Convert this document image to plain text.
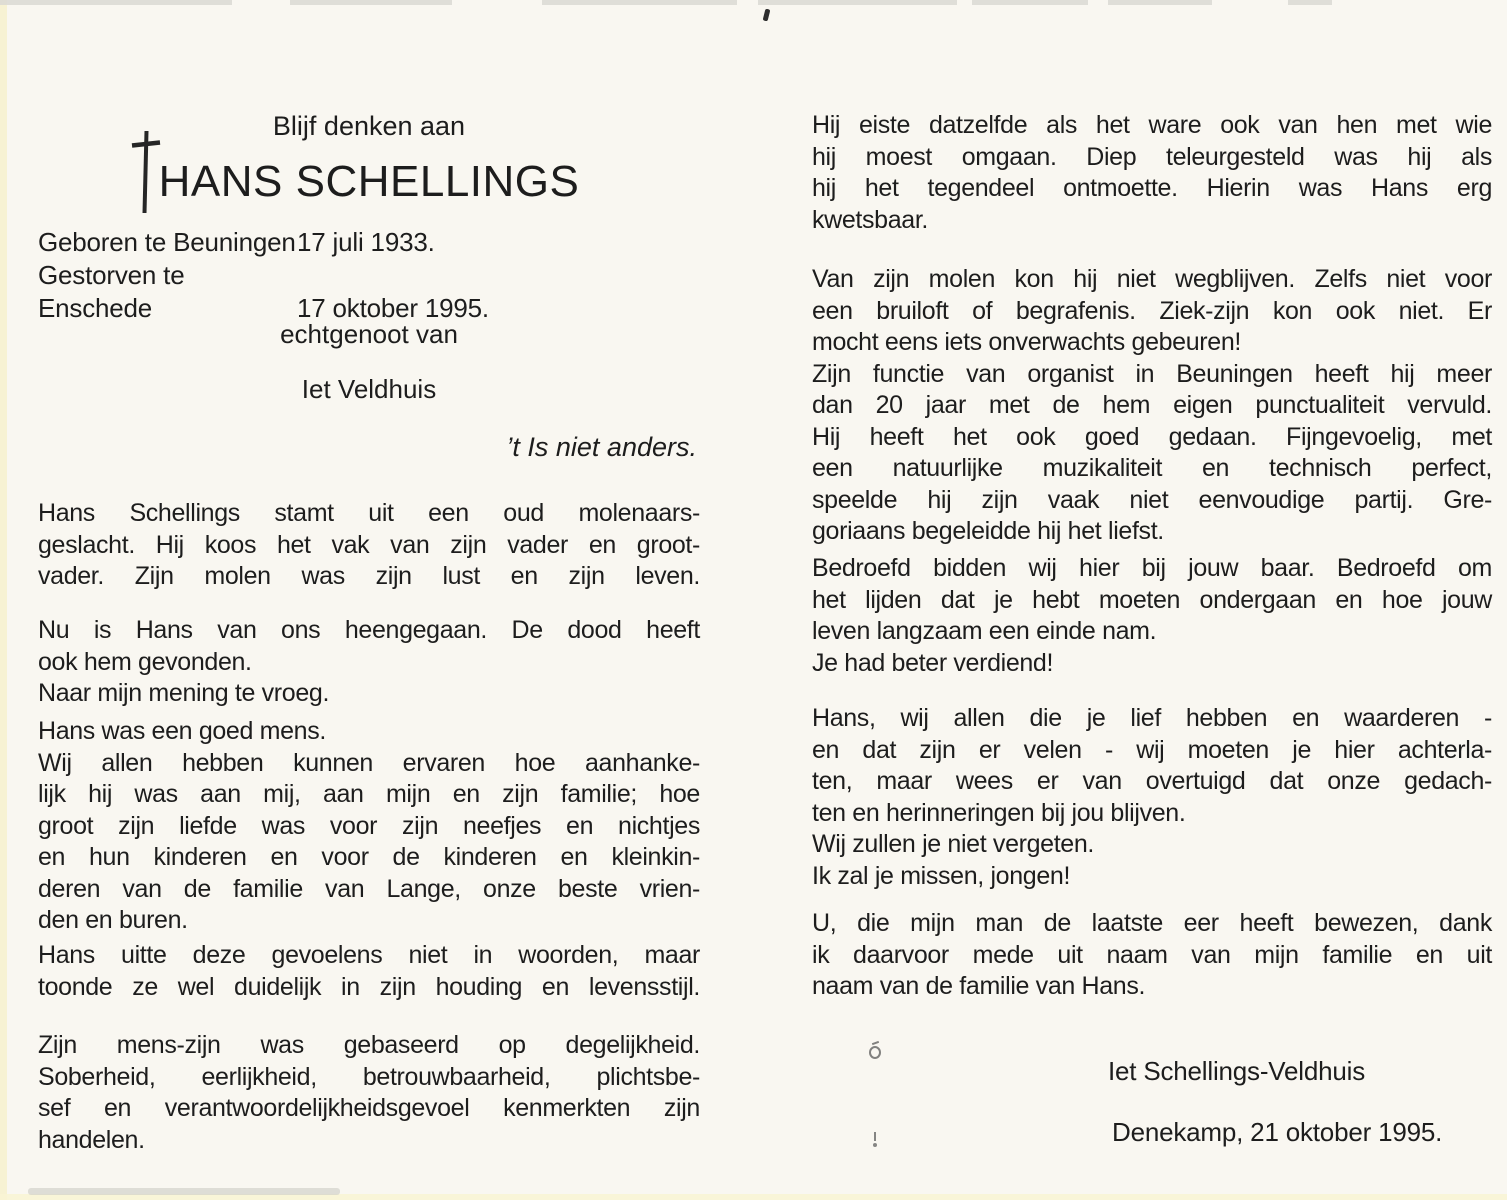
Blijf denken aan
HANS SCHELLINGS
Geboren te Beuningen17 juli 1933.
Gestorven te Enschede	17 oktober 1995.
echtgenoot van
Iet Veldhuis
’t Is niet anders.
Hans Schellings stamt uit een oud molenaars-
geslacht. Hij koos het vak van zijn vader en groot-
vader. Zijn molen was zijn lust en zijn leven.
Nu is Hans van ons heengegaan. De dood heeft
ook hem gevonden.
Naar mijn mening te vroeg.
Hans was een goed mens.
Wij allen hebben kunnen ervaren hoe aanhanke-
lijk hij was aan mij, aan mijn en zijn familie; hoe
groot zijn liefde was voor zijn neefjes en nichtjes
en hun kinderen en voor de kinderen en kleinkin-
deren van de familie van Lange, onze beste vrien-
den en buren.
Hans uitte deze gevoelens niet in woorden, maar
toonde ze wel duidelijk in zijn houding en levensstijl.
Zijn mens-zijn was gebaseerd op degelijkheid.
Soberheid, eerlijkheid, betrouwbaarheid, plichtsbe-
sef en verantwoordelijkheidsgevoel kenmerkten zijn
handelen.
Hij eiste datzelfde als het ware ook van hen met wie
hij moest omgaan. Diep teleurgesteld was hij als
hij het tegendeel ontmoette. Hierin was Hans erg
kwetsbaar.
Van zijn molen kon hij niet wegblijven. Zelfs niet voor
een bruiloft of begrafenis. Ziek-zijn kon ook niet. Er
mocht eens iets onverwachts gebeuren!
Zijn functie van organist in Beuningen heeft hij meer
dan 20 jaar met de hem eigen punctualiteit vervuld.
Hij heeft het ook goed gedaan. Fijngevoelig, met
een natuurlijke muzikaliteit en technisch perfect,
speelde hij zijn vaak niet eenvoudige partij. Gre-
goriaans begeleidde hij het liefst.
Bedroefd bidden wij hier bij jouw baar. Bedroefd om
het lijden dat je hebt moeten ondergaan en hoe jouw
leven langzaam een einde nam.
Je had beter verdiend!
Hans, wij allen die je lief hebben en waarderen -
en dat zijn er velen - wij moeten je hier achterla-
ten, maar wees er van overtuigd dat onze gedach-
ten en herinneringen bij jou blijven.
Wij zullen je niet vergeten.
Ik zal je missen, jongen!
U, die mijn man de laatste eer heeft bewezen, dank
ik daarvoor mede uit naam van mijn familie en uit
naam van de familie van Hans.
Iet Schellings-Veldhuis
Denekamp, 21 oktober 1995.
